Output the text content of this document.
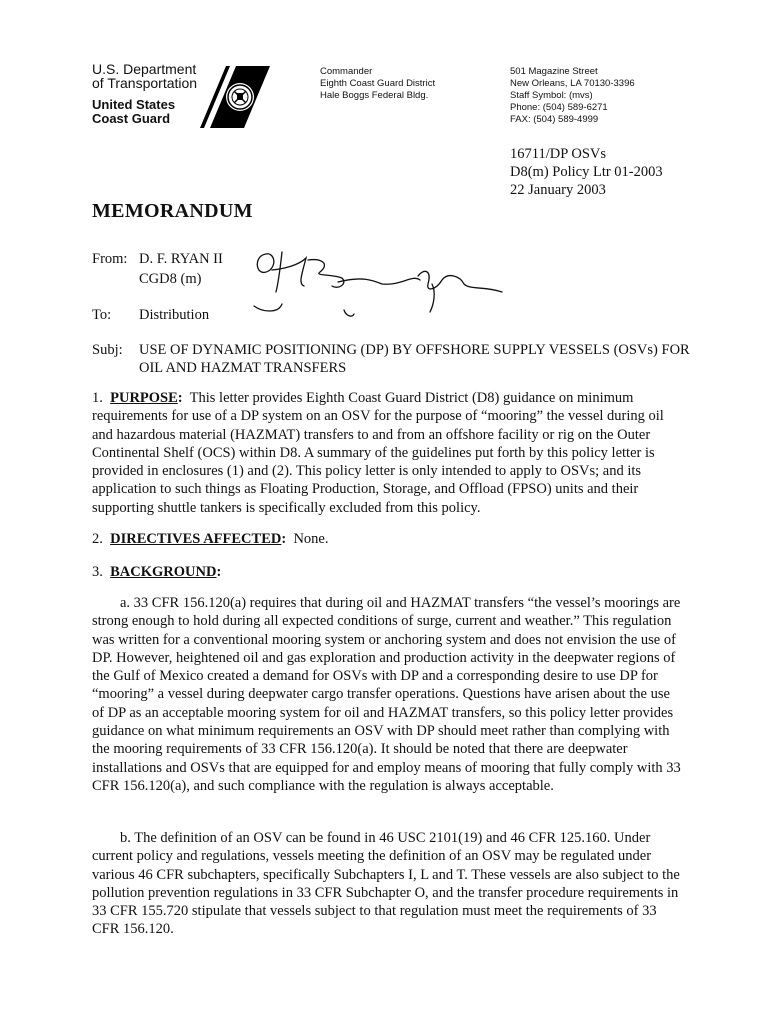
U.S. Department
of Transportation
United States
Coast Guard
Commander
Eighth Coast Guard District
Hale Boggs Federal Bldg.
501 Magazine Street
New Orleans, LA 70130-3396
Staff Symbol: (mvs)
Phone: (504) 589-6271
FAX: (504) 589-4999
16711/DP OSVs
D8(m) Policy Ltr 01-2003
22 January 2003
MEMORANDUM
From: D. F. RYAN II
CGD8 (m)
To: Distribution
Subj: USE OF DYNAMIC POSITIONING (DP) BY OFFSHORE SUPPLY VESSELS (OSVs) FOR OIL AND HAZMAT TRANSFERS
1. PURPOSE: This letter provides Eighth Coast Guard District (D8) guidance on minimum requirements for use of a DP system on an OSV for the purpose of “mooring” the vessel during oil and hazardous material (HAZMAT) transfers to and from an offshore facility or rig on the Outer Continental Shelf (OCS) within D8. A summary of the guidelines put forth by this policy letter is provided in enclosures (1) and (2). This policy letter is only intended to apply to OSVs; and its application to such things as Floating Production, Storage, and Offload (FPSO) units and their supporting shuttle tankers is specifically excluded from this policy.
2. DIRECTIVES AFFECTED: None.
3. BACKGROUND:
a. 33 CFR 156.120(a) requires that during oil and HAZMAT transfers “the vessel’s moorings are strong enough to hold during all expected conditions of surge, current and weather.” This regulation was written for a conventional mooring system or anchoring system and does not envision the use of DP. However, heightened oil and gas exploration and production activity in the deepwater regions of the Gulf of Mexico created a demand for OSVs with DP and a corresponding desire to use DP for “mooring” a vessel during deepwater cargo transfer operations. Questions have arisen about the use of DP as an acceptable mooring system for oil and HAZMAT transfers, so this policy letter provides guidance on what minimum requirements an OSV with DP should meet rather than complying with the mooring requirements of 33 CFR 156.120(a). It should be noted that there are deepwater installations and OSVs that are equipped for and employ means of mooring that fully comply with 33 CFR 156.120(a), and such compliance with the regulation is always acceptable.
b. The definition of an OSV can be found in 46 USC 2101(19) and 46 CFR 125.160. Under current policy and regulations, vessels meeting the definition of an OSV may be regulated under various 46 CFR subchapters, specifically Subchapters I, L and T. These vessels are also subject to the pollution prevention regulations in 33 CFR Subchapter O, and the transfer procedure requirements in 33 CFR 155.720 stipulate that vessels subject to that regulation must meet the requirements of 33 CFR 156.120.
